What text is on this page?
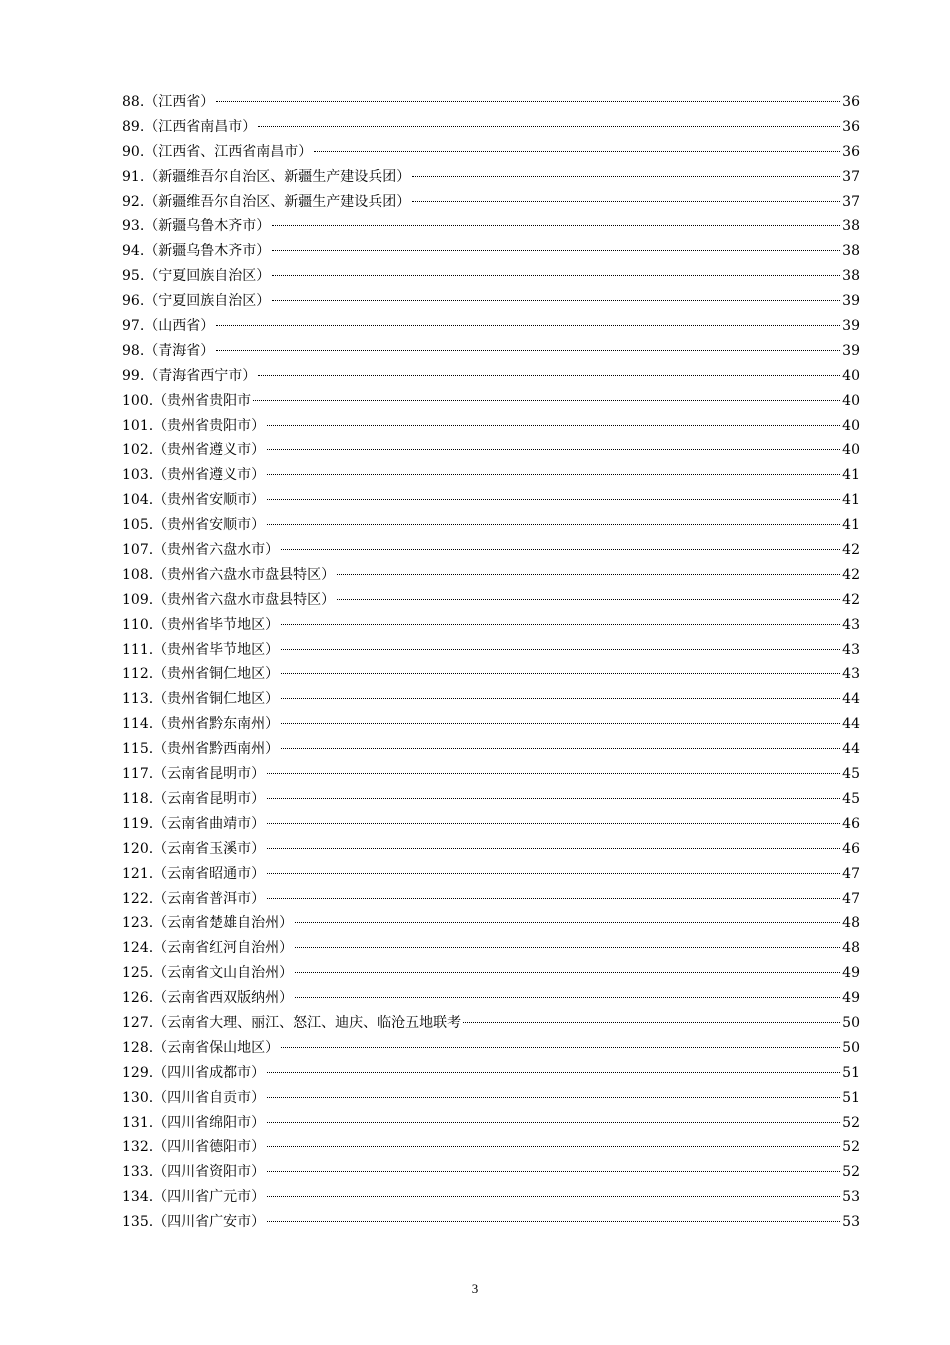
88.（江西省）	36
89.（江西省南昌市）	36
90.（江西省、江西省南昌市）	36
91.（新疆维吾尔自治区、新疆生产建设兵团）	37
92.（新疆维吾尔自治区、新疆生产建设兵团）	37
93.（新疆乌鲁木齐市）	38
94.（新疆乌鲁木齐市）	38
95.（宁夏回族自治区）	38
96.（宁夏回族自治区）	39
97.（山西省）	39
98.（青海省）	39
99.（青海省西宁市）	40
100.（贵州省贵阳市	40
101.（贵州省贵阳市）	40
102.（贵州省遵义市）	40
103.（贵州省遵义市）	41
104.（贵州省安顺市）	41
105.（贵州省安顺市）	41
107.（贵州省六盘水市）	42
108.（贵州省六盘水市盘县特区）	42
109.（贵州省六盘水市盘县特区）	42
110.（贵州省毕节地区）	43
111.（贵州省毕节地区）	43
112.（贵州省铜仁地区）	43
113.（贵州省铜仁地区）	44
114.（贵州省黔东南州）	44
115.（贵州省黔西南州）	44
117.（云南省昆明市）	45
118.（云南省昆明市）	45
119.（云南省曲靖市）	46
120.（云南省玉溪市）	46
121.（云南省昭通市）	47
122.（云南省普洱市）	47
123.（云南省楚雄自治州）	48
124.（云南省红河自治州）	48
125.（云南省文山自治州）	49
126.（云南省西双版纳州）	49
127.（云南省大理、丽江、怒江、迪庆、临沧五地联考	50
128.（云南省保山地区）	50
129.（四川省成都市）	51
130.（四川省自贡市）	51
131.（四川省绵阳市）	52
132.（四川省德阳市）	52
133.（四川省资阳市）	52
134.（四川省广元市）	53
135.（四川省广安市）	53
3
